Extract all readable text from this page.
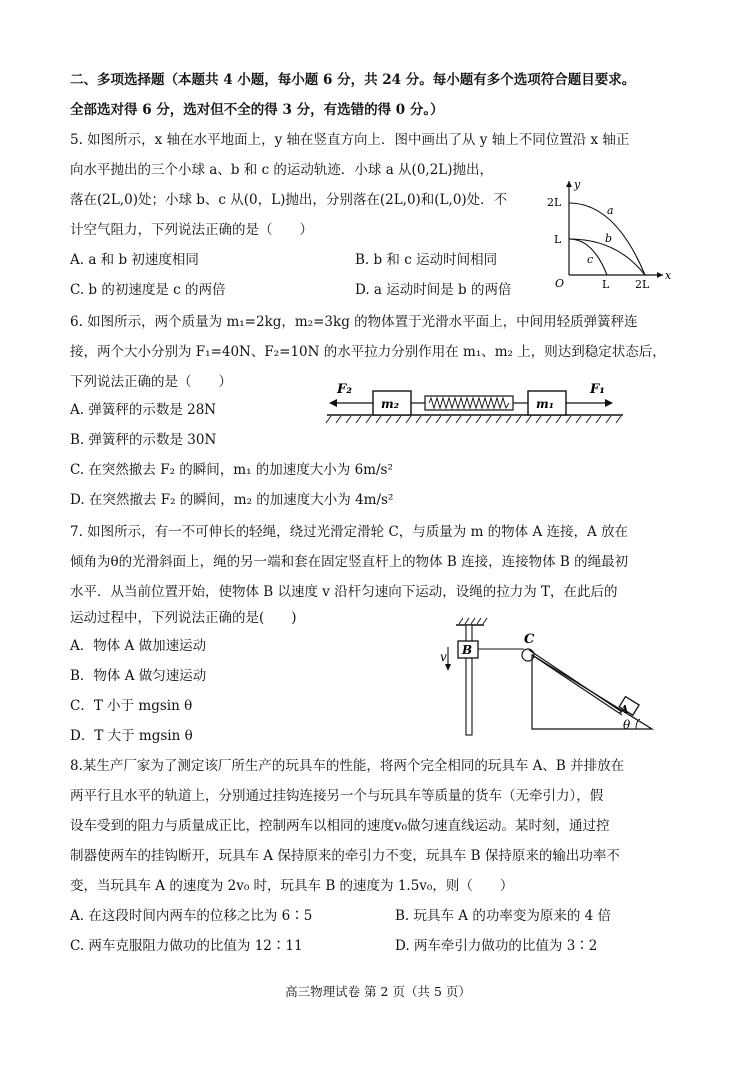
二、多项选择题（本题共 4 小题，每小题 6 分，共 24 分。每小题有多个选项符合题目要求。
全部选对得 6 分，选对但不全的得 3 分，有选错的得 0 分。）
5. 如图所示，x 轴在水平地面上，y 轴在竖直方向上．图中画出了从 y 轴上不同位置沿 x 轴正
向水平抛出的三个小球 a、b 和 c 的运动轨迹．小球 a 从(0,2L)抛出，
落在(2L,0)处；小球 b、c 从(0，L)抛出，分别落在(2L,0)和(L,0)处．不
计空气阻力，下列说法正确的是（　　）
A. a 和 b 初速度相同	B. b 和 c 运动时间相同
C. b 的初速度是 c 的两倍	D. a 运动时间是 b 的两倍
y
x
O
2L
L
L 2L
a
b
c
6. 如图所示，两个质量为 m₁=2kg，m₂=3kg 的物体置于光滑水平面上，中间用轻质弹簧秤连
接，两个大小分别为 F₁=40N、F₂=10N 的水平拉力分别作用在 m₁、m₂ 上，则达到稳定状态后，
下列说法正确的是（　　）
A. 弹簧秤的示数是 28N
B. 弹簧秤的示数是 30N
C. 在突然撤去 F₂ 的瞬间，m₁ 的加速度大小为 6m/s²
D. 在突然撤去 F₂ 的瞬间，m₂ 的加速度大小为 4m/s²
F₂	F₁
m₂	m₁
7. 如图所示，有一不可伸长的轻绳，绕过光滑定滑轮 C，与质量为 m 的物体 A 连接，A 放在
倾角为θ的光滑斜面上，绳的另一端和套在固定竖直杆上的物体 B 连接，连接物体 B 的绳最初
水平．从当前位置开始，使物体 B 以速度 v 沿杆匀速向下运动，设绳的拉力为 T，在此后的
运动过程中，下列说法正确的是(　　)
A．物体 A 做加速运动
B．物体 A 做匀速运动
C．T 小于 mgsin θ
D．T 大于 mgsin θ
B
v
C
A
θ
8.某生产厂家为了测定该厂所生产的玩具车的性能，将两个完全相同的玩具车 A、B 并排放在
两平行且水平的轨道上，分别通过挂钩连接另一个与玩具车等质量的货车（无牵引力），假
设车受到的阻力与质量成正比，控制两车以相同的速度v₀做匀速直线运动。某时刻，通过控
制器使两车的挂钩断开，玩具车 A 保持原来的牵引力不变，玩具车 B 保持原来的输出功率不
变，当玩具车 A 的速度为 2v₀ 时，玩具车 B 的速度为 1.5v₀，则（　　）
A. 在这段时间内两车的位移之比为 6∶5	B. 玩具车 A 的功率变为原来的 4 倍
C. 两车克服阻力做功的比值为 12∶11	D. 两车牵引力做功的比值为 3∶2
高三物理试卷 第 2 页（共 5 页）
